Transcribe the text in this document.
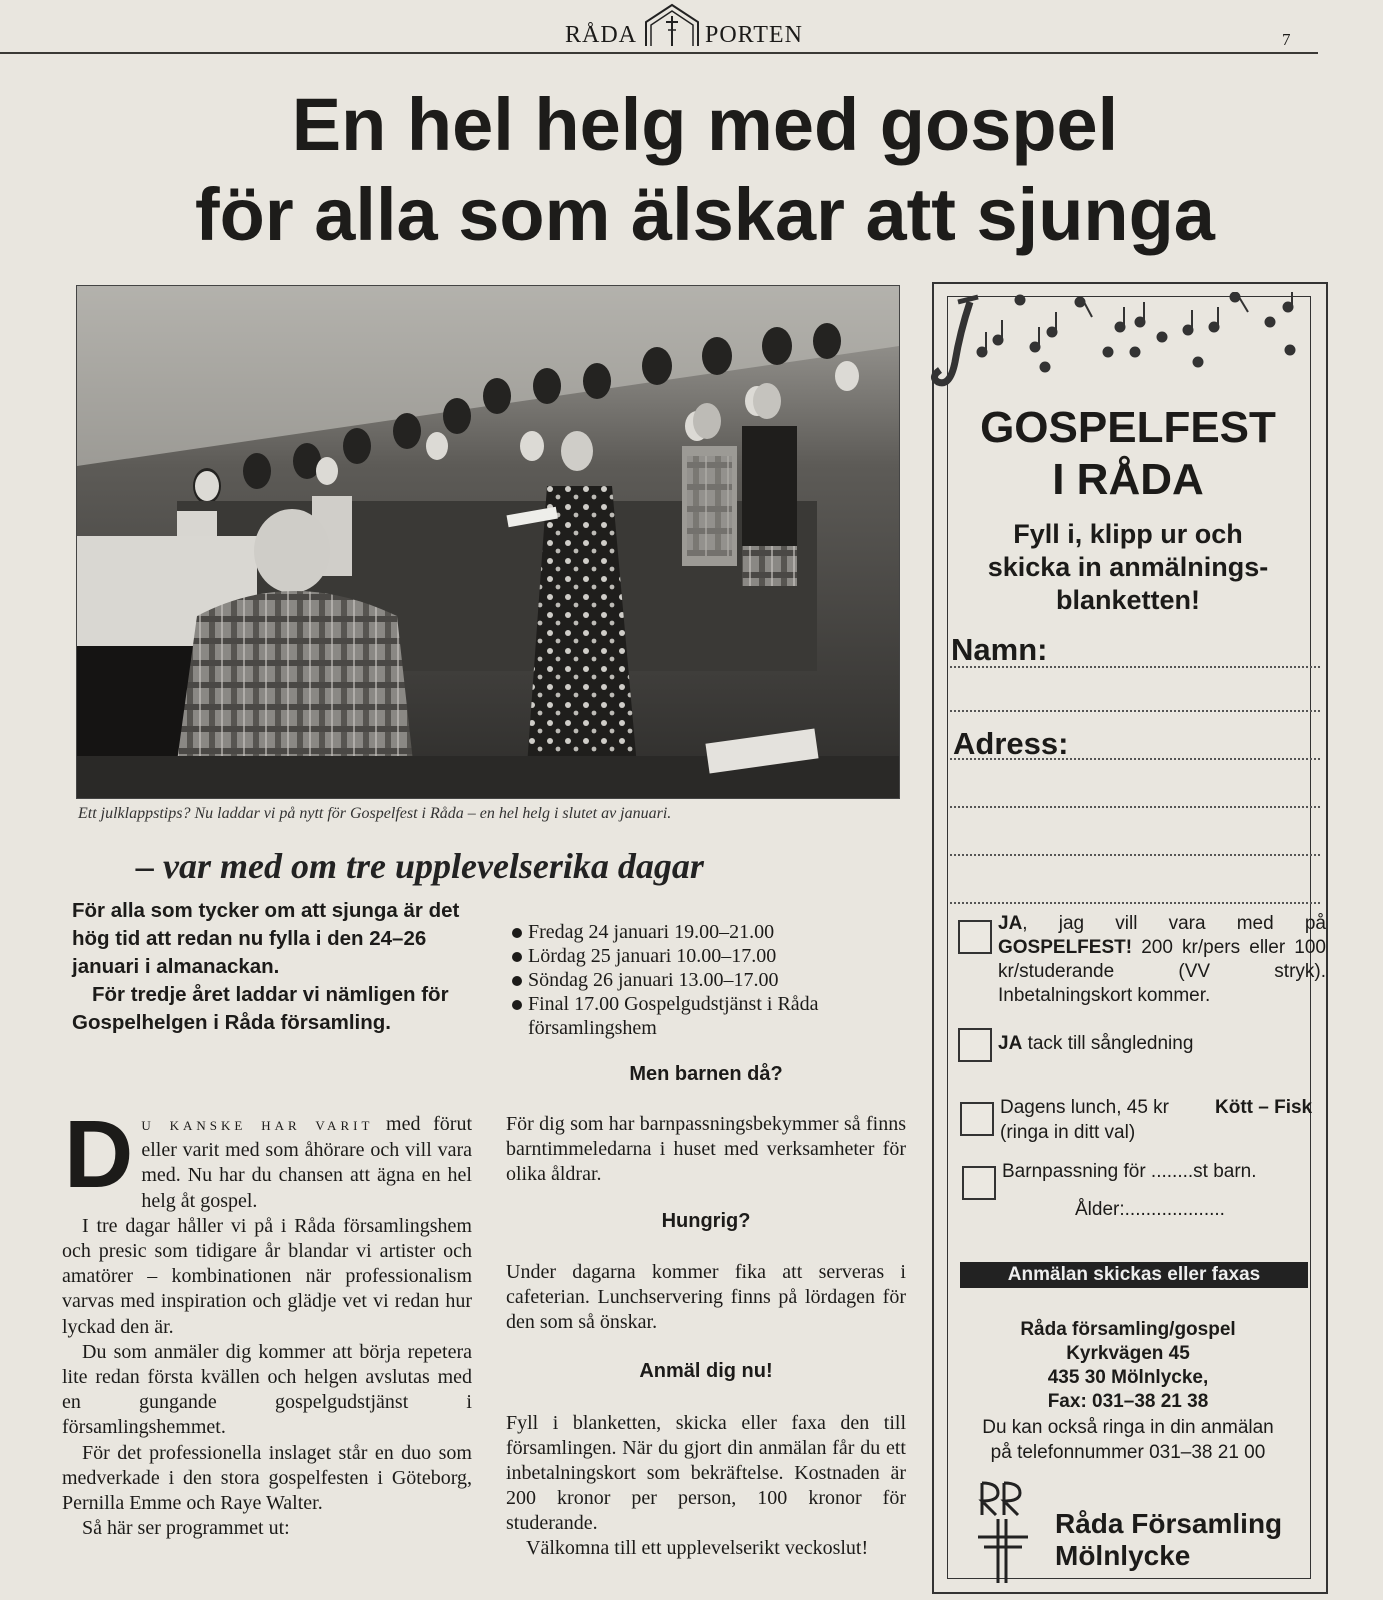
RÅDA	PORTEN	7
En hel helg med gospel
för alla som älskar att sjunga
Ett julklappstips? Nu laddar vi på nytt för Gospelfest i Råda – en hel helg i slutet av januari.
– var med om tre upplevelserika dagar

För alla som tycker om att sjunga är det hög tid att redan nu fylla i den 24–26 januari i almanackan.

För tredje året laddar vi nämligen för Gospelhelgen i Råda församling.

DU KANSKE HAR VARIT med förut eller varit med som åhörare och vill vara med. Nu har du chansen att ägna en hel helg åt gospel.

I tre dagar håller vi på i Råda församlingshem och presic som tidigare år blandar vi artister och amatörer – kombinationen när professionalism varvas med inspiration och glädje vet vi redan hur lyckad den är.

Du som anmäler dig kommer att börja repetera lite redan första kvällen och helgen avslutas med en gungande gospelgudstjänst i församlingshemmet.

För det professionella inslaget står en duo som medverkade i den stora gospelfesten i Göteborg, Pernilla Emme och Raye Walter.

Så här ser programmet ut:

Fredag 24 januari 19.00–21.00
Lördag 25 januari 10.00–17.00
Söndag 26 januari 13.00–17.00
Final 17.00 Gospelgudstjänst i Råda församlingshem
Men barnen då?

För dig som har barnpassningsbekymmer så finns barntimmeledarna i huset med verksamheter för olika åldrar.

Hungrig?

Under dagarna kommer fika att serveras i cafeterian. Lunchservering finns på lördagen för den som så önskar.

Anmäl dig nu!

Fyll i blanketten, skicka eller faxa den till församlingen. När du gjort din anmälan får du ett inbetalningskort som bekräftelse. Kostnaden är 200 kronor per person, 100 kronor för studerande.

Välkomna till ett upplevelserikt veckoslut!

GOSPELFEST
I RÅDA
Fyll i, klipp ur och
skicka in anmälnings-
blanketten!
Namn:
Adress:
JA, jag vill vara med på GOSPELFEST! 200 kr/pers eller 100 kr/studerande (VV stryk). Inbetalningskort kommer.
JA tack till sångledning
Dagens lunch, 45 kr Kött – Fisk
(ringa in ditt val)
Barnpassning för ........st barn.
Ålder:...................
Anmälan skickas eller faxas
Råda församling/gospel
Kyrkvägen 45
435 30 Mölnlycke,
Fax: 031–38 21 38
Du kan också ringa in din anmälan
på telefonnummer 031–38 21 00
Råda Församling
Mölnlycke
